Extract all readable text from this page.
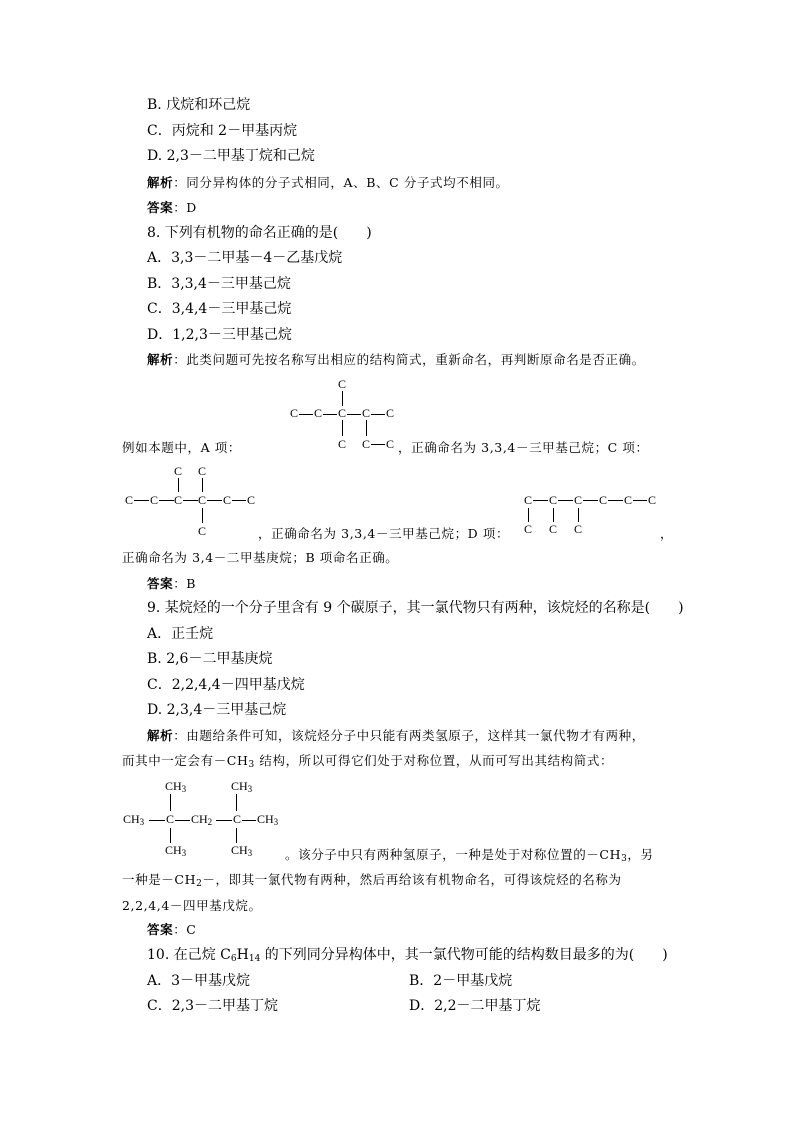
B. 戊烷和环己烷
C．丙烷和 2－甲基丙烷
D. 2,3－二甲基丁烷和己烷
解析：同分异构体的分子式相同，A、B、C 分子式均不相同。
答案：D
8. 下列有机物的命名正确的是(　　)
A．3,3－二甲基－4－乙基戊烷
B．3,3,4－三甲基己烷
C．3,4,4－三甲基己烷
D．1,2,3－三甲基己烷
解析：此类问题可先按名称写出相应的结构简式，重新命名，再判断原命名是否正确。
C
C C C C C
C C C
例如本题中，A 项：	，正确命名为 3,3,4－三甲基己烷；C 项：
C C
C C C C C C
C
C C C C C C
C C C
，正确命名为 3,3,4－三甲基己烷；D 项：	，
正确命名为 3,4－二甲基庚烷；B 项命名正确。
答案：B
9. 某烷烃的一个分子里含有 9 个碳原子，其一氯代物只有两种，该烷烃的名称是(　　)
A．正壬烷
B. 2,6－二甲基庚烷
C．2,2,4,4－四甲基戊烷
D. 2,3,4－三甲基己烷
解析：由题给条件可知，该烷烃分子中只能有两类氢原子，这样其一氯代物才有两种，
而其中一定会有$-CH_3$ 结构，所以可得它们处于对称位置，从而可写出其结构简式：
$CH_3$	$CH_3$
$CH_3$ C $CH_2$ C $CH_3$
$CH_3$	$CH_3$	。该分子中只有两种氢原子，一种是处于对称位置的$-CH_3$，另
一种是$-CH_2-$，即其一氯代物有两种，然后再给该有机物命名，可得该烷烃的名称为
2,2,4,4－四甲基戊烷。
答案：C
10. 在己烷 $C_6H_{14}$ 的下列同分异构体中，其一氯代物可能的结构数目最多的为(　　)
A．3－甲基戊烷	B．2－甲基戊烷
C．2,3－二甲基丁烷	D．2,2－二甲基丁烷
